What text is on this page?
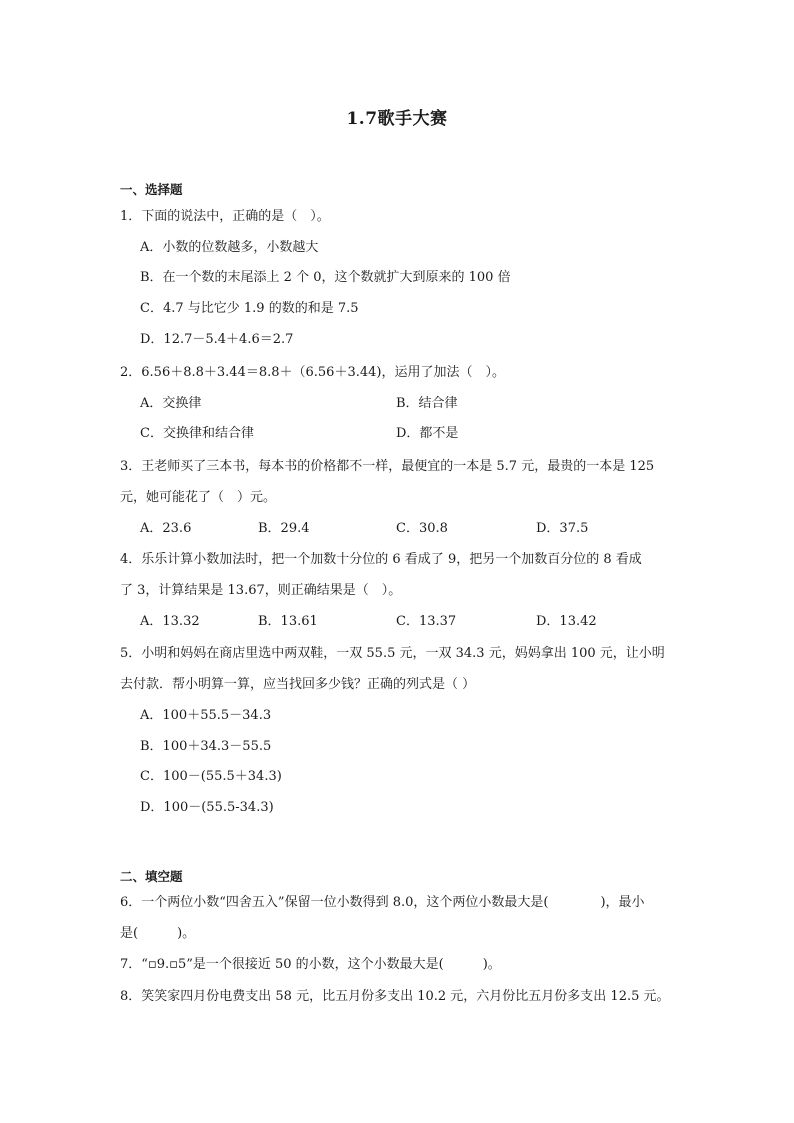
1.7歌手大赛
一、选择题
1．下面的说法中，正确的是（　）。
A．小数的位数越多，小数越大
B．在一个数的末尾添上 2 个 0，这个数就扩大到原来的 100 倍
C．4.7 与比它少 1.9 的数的和是 7.5
D．12.7－5.4＋4.6＝2.7
2．6.56＋8.8＋3.44＝8.8＋（6.56＋3.44)，运用了加法（　）。
A．交换律	B．结合律
C．交换律和结合律	D．都不是
3．王老师买了三本书，每本书的价格都不一样，最便宜的一本是 5.7 元，最贵的一本是 125
元，她可能花了（　）元。
A．23.6	B．29.4	C．30.8	D．37.5
4．乐乐计算小数加法时，把一个加数十分位的 6 看成了 9，把另一个加数百分位的 8 看成
了 3，计算结果是 13.67，则正确结果是（　）。
A．13.32	B．13.61	C．13.37	D．13.42
5．小明和妈妈在商店里选中两双鞋，一双 55.5 元，一双 34.3 元，妈妈拿出 100 元，让小明
去付款．帮小明算一算，应当找回多少钱？正确的列式是（ ）
A．100＋55.5－34.3
B．100＋34.3－55.5
C．100－(55.5＋34.3)
D．100－(55.5-34.3)
二、填空题
6．一个两位小数“四舍五入”保留一位小数得到 8.0，这个两位小数最大是(　　　　)，最小
是(　　　)。
7．“▫9.▫5”是一个很接近 50 的小数，这个小数最大是(　　　)。
8．笑笑家四月份电费支出 58 元，比五月份多支出 10.2 元，六月份比五月份多支出 12.5 元。
